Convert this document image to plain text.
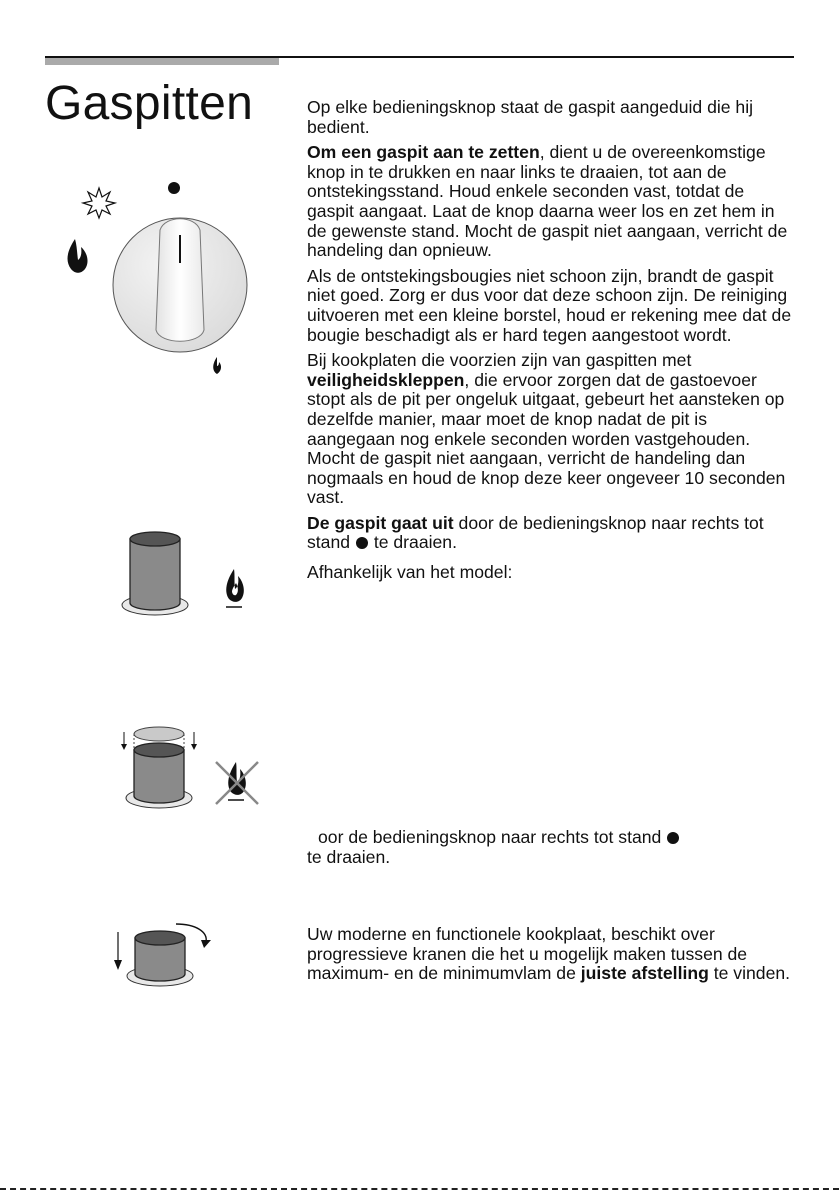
Gaspitten	Op elke bedieningsknop staat de gaspit aangeduid die hij bedient.

Om een gaspit aan te zetten, dient u de overeenkomstige knop in te drukken en naar links te draaien, tot aan de ontstekingsstand. Houd enkele seconden vast, totdat de gaspit aangaat. Laat de knop daarna weer los en zet hem in de gewenste stand. Mocht de gaspit niet aangaan, verricht de handeling dan opnieuw.

Als de ontstekingsbougies niet schoon zijn, brandt de gaspit niet goed. Zorg er dus voor dat deze schoon zijn. De reiniging uitvoeren met een kleine borstel, houd er rekening mee dat de bougie beschadigt als er hard tegen aangestoot wordt.

Bij kookplaten die voorzien zijn van gaspitten met veiligheidskleppen, die ervoor zorgen dat de gastoevoer stopt als de pit per ongeluk uitgaat, gebeurt het aansteken op dezelfde manier, maar moet de knop nadat de pit is aangegaan nog enkele seconden worden vastgehouden. Mocht de gaspit niet aangaan, verricht de handeling dan nogmaals en houd de knop deze keer ongeveer 10 seconden vast.

De gaspit gaat uit door de bedieningsknop naar rechts tot stand  te draaien.

Afhankelijk van het model:

oor de bedieningsknop naar rechts tot stand
te draaien.
Uw moderne en functionele kookplaat, beschikt over progressieve kranen die het u mogelijk maken tussen de maximum- en de minimumvlam de juiste afstelling te vinden.
